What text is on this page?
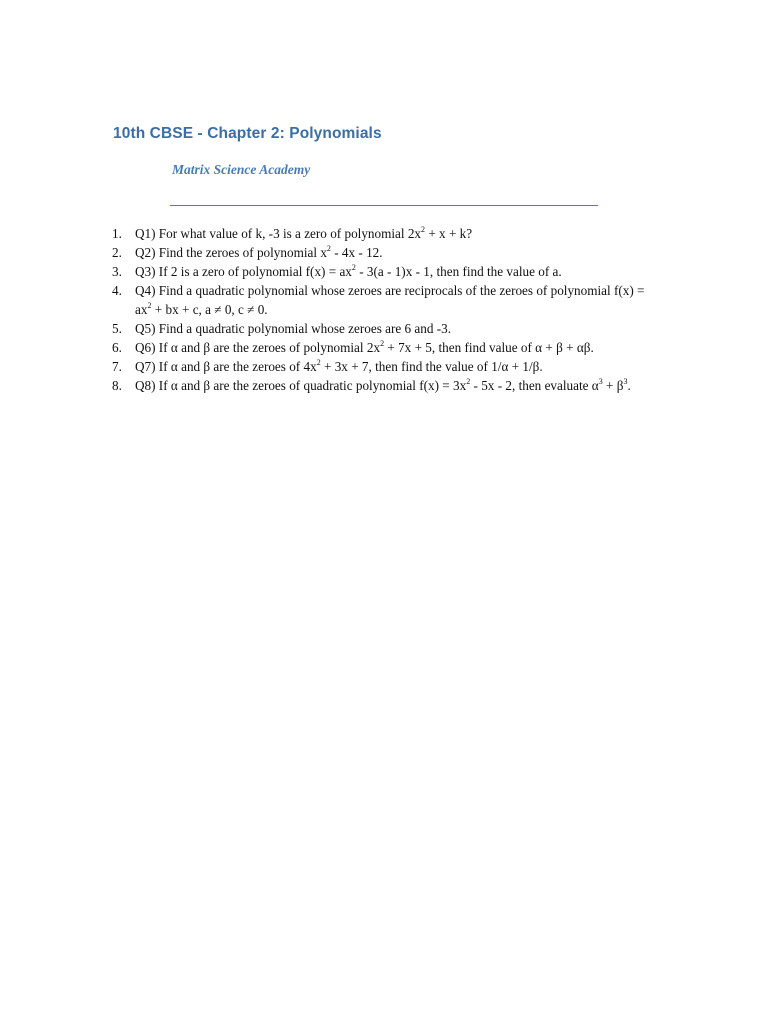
10th CBSE - Chapter 2: Polynomials
Matrix Science Academy
1. Q1) For what value of k, -3 is a zero of polynomial $2x^2 + x + k$?
2. Q2) Find the zeroes of polynomial $x^2 - 4x - 12$.
3. Q3) If 2 is a zero of polynomial $f(x) = ax^2 - 3(a - 1)x - 1$, then find the value of a.
4. Q4) Find a quadratic polynomial whose zeroes are reciprocals of the zeroes of polynomial $f(x) = ax^2$ + bx + c, a ≠ 0, c ≠ 0.
5. Q5) Find a quadratic polynomial whose zeroes are 6 and -3.
6. Q6) If α and β are the zeroes of polynomial $2x^2 + 7x + 5$, then find value of α + β + αβ.
7. Q7) If α and β are the zeroes of $4x^2 + 3x + 7$, then find the value of 1/α + 1/β.
8. Q8) If α and β are the zeroes of quadratic polynomial $f(x) = 3x^2 - 5x - 2$, then evaluate $\alpha^3 + \beta^3$.
